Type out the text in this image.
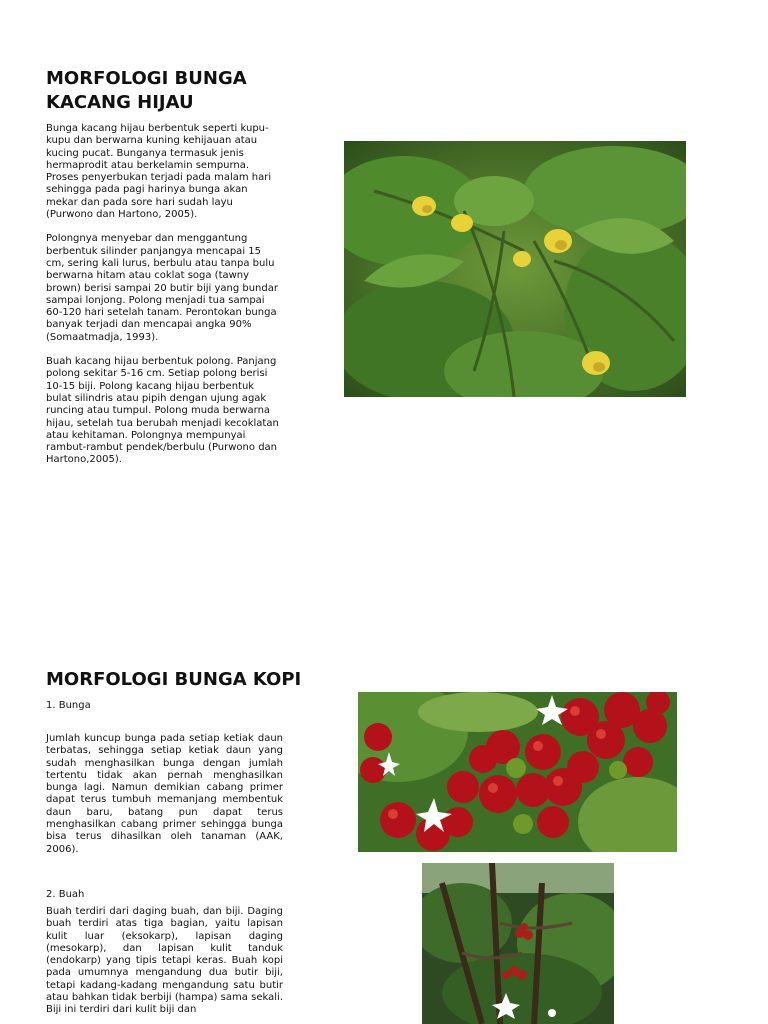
MORFOLOGI BUNGA
KACANG HIJAU

Bunga kacang hijau berbentuk seperti kupu-kupu dan berwarna kuning kehijauan atau kucing pucat. Bunganya termasuk jenis hermaprodit atau berkelamin sempurna. Proses penyerbukan terjadi pada malam hari sehingga pada pagi harinya bunga akan mekar dan pada sore hari sudah layu (Purwono dan Hartono, 2005).

Polongnya menyebar dan menggantung berbentuk silinder panjangya mencapai 15 cm, sering kali lurus, berbulu atau tanpa bulu berwarna hitam atau coklat soga (tawny brown) berisi sampai 20 butir biji yang bundar sampai lonjong. Polong menjadi tua sampai 60-120 hari setelah tanam. Perontokan bunga banyak terjadi dan mencapai angka 90% (Somaatmadja, 1993).

Buah kacang hijau berbentuk polong. Panjang polong sekitar 5-16 cm. Setiap polong berisi 10-15 biji. Polong kacang hijau berbentuk bulat silindris atau pipih dengan ujung agak runcing atau tumpul. Polong muda berwarna hijau, setelah tua berubah menjadi kecoklatan atau kehitaman. Polongnya mempunyai rambut-rambut pendek/berbulu (Purwono dan Hartono,2005).

MORFOLOGI BUNGA KOPI
1. Bunga
Jumlah kuncup bunga pada setiap ketiak daun terbatas, sehingga setiap ketiak daun yang sudah menghasilkan bunga dengan jumlah tertentu tidak akan pernah menghasilkan bunga lagi. Namun demikian cabang primer dapat terus tumbuh memanjang membentuk daun baru, batang pun dapat terus menghasilkan cabang primer sehingga bunga bisa terus dihasilkan oleh tanaman (AAK, 2006).
2. Buah
Buah terdiri dari daging buah, dan biji. Daging buah terdiri atas tiga bagian, yaitu lapisan kulit luar (eksokarp), lapisan daging (mesokarp), dan lapisan kulit tanduk (endokarp) yang tipis tetapi keras. Buah kopi pada umumnya mengandung dua butir biji, tetapi kadang-kadang mengandung satu butir atau bahkan tidak berbiji (hampa) sama sekali. Biji ini terdiri dari kulit biji dan
